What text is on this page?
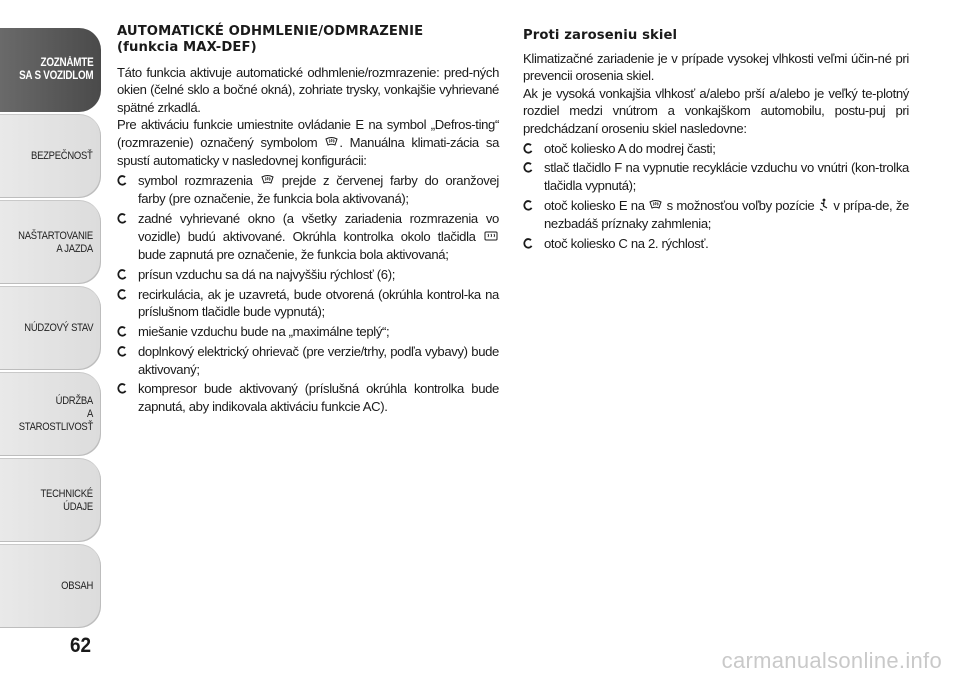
ZOZNÁMTE
SA S VOZIDLOM
BEZPEČNOSŤ
NAŠTARTOVANIE
A JAZDA
NÚDZOVÝ STAV
ÚDRŽBA
A STAROSTLIVOSŤ
TECHNICKÉ
ÚDAJE
OBSAH
62
AUTOMATICKÉ ODHMLENIE/ODMRAZENIE
(funkcia MAX-DEF)

Táto funkcia aktivuje automatické odhmlenie/rozmrazenie: pred-ných okien (čelné sklo a bočné okná), zohriate trysky, vonkajšie vyhrievané spätné zrkadlá.

Pre aktiváciu funkcie umiestnite ovládanie E na symbol „Defros-ting“ (rozmrazenie) označený symbolom . Manuálna klimati-zácia sa spustí automaticky v nasledovnej konfigurácii:

symbol rozmrazenia prejde z červenej farby do oranžovej farby (pre označenie, že funkcia bola aktivovaná);
zadné vyhrievané okno (a všetky zariadenia rozmrazenia vo vozidle) budú aktivované. Okrúhla kontrolka okolo tlačidla  bude zapnutá pre označenie, že funkcia bola aktivovaná;
prísun vzduchu sa dá na najvyššiu rýchlosť (6);
recirkulácia, ak je uzavretá, bude otvorená (okrúhla kontrol-ka na príslušnom tlačidle bude vypnutá);
miešanie vzduchu bude na „maximálne teplý“;
doplnkový elektrický ohrievač (pre verzie/trhy, podľa vybavy) bude aktivovaný;
kompresor bude aktivovaný (príslušná okrúhla kontrolka bude zapnutá, aby indikovala aktiváciu funkcie AC).
Proti zaroseniu skiel

Klimatizačné zariadenie je v prípade vysokej vlhkosti veľmi účin-né pri prevencii orosenia skiel.

Ak je vysoká vonkajšia vlhkosť a/alebo prší a/alebo je veľký te-plotný rozdiel medzi vnútrom a vonkajškom automobilu, postu-puj pri predchádzaní oroseniu skiel nasledovne:

otoč koliesko A do modrej časti;
stlač tlačidlo F na vypnutie recyklácie vzduchu vo vnútri (kon-trolka tlačidla vypnutá);
otoč koliesko E na s možnosťou voľby pozície v prípa-de, že nezbadáš príznaky zahmlenia;
otoč koliesko C na 2. rýchlosť.
carmanualsonline.info
